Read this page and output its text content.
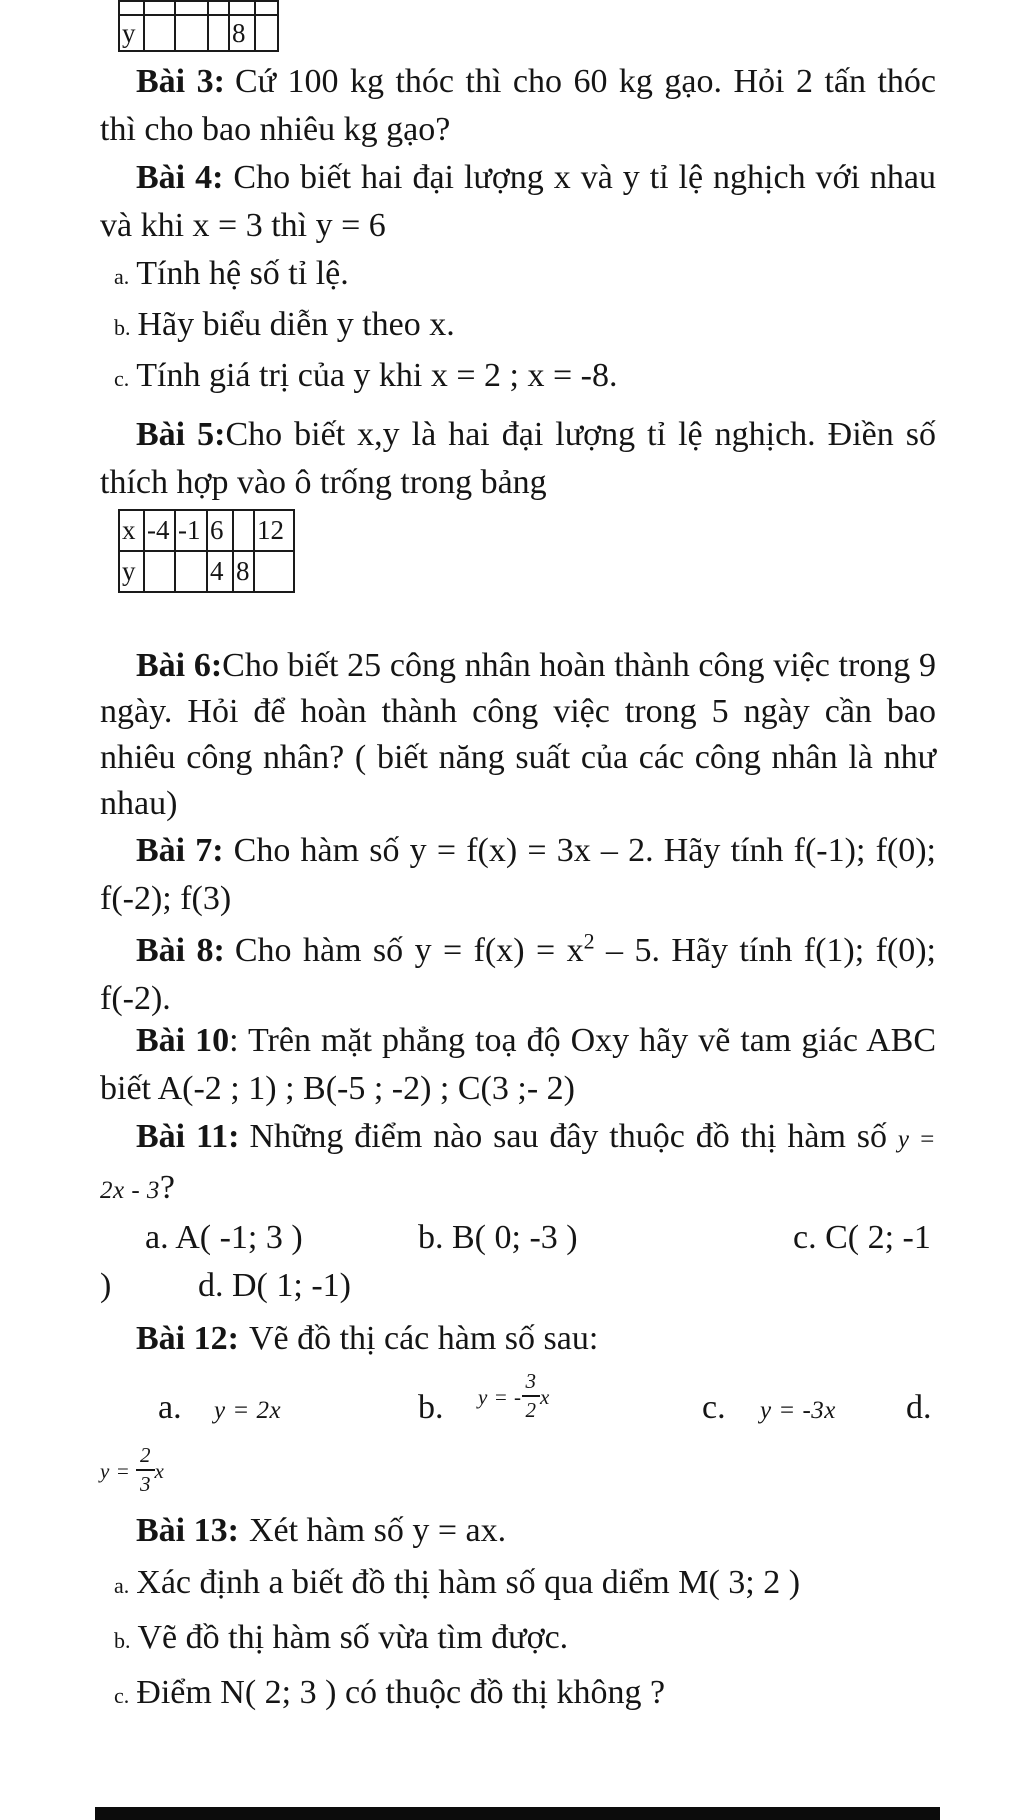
y				8	
Bài 3: Cứ 100 kg thóc thì cho 60 kg gạo. Hỏi 2 tấn thóc thì cho bao nhiêu kg gạo?
Bài 4: Cho biết hai đại lượng x và y tỉ lệ nghịch với nhau và khi x = 3 thì y = 6
a. Tính hệ số tỉ lệ.
b. Hãy biểu diễn y theo x.
c. Tính giá trị của y khi x = 2 ; x = -8.
Bài 5:Cho biết x,y là hai đại lượng tỉ lệ nghịch. Điền số thích hợp vào ô trống trong bảng
x	-4	-1	6		12
y			4	8	
Bài 6:Cho biết 25 công nhân hoàn thành công việc trong 9 ngày. Hỏi để hoàn thành công việc trong 5 ngày cần bao nhiêu công nhân? ( biết năng suất của các công nhân là như nhau)
Bài 7: Cho hàm số y = f(x) = 3x – 2. Hãy tính f(-1); f(0); f(-2); f(3)
Bài 8: Cho hàm số $y = f(x) = x^2 - 5$. Hãy tính f(1); f(0); f(-2).
Bài 10: Trên mặt phẳng toạ độ Oxy hãy vẽ tam giác ABC biết A(-2 ; 1) ; B(-5 ; -2) ; C(3 ;- 2)
Bài 11: Những điểm nào sau đây thuộc đồ thị hàm số y = 2x - 3?
a. A( -1; 3 )	b. B( 0; -3 )	c. C( 2; -1
)	d. D( 1; -1)
Bài 12: Vẽ đồ thị các hàm số sau:
a. y = 2x	b. y = - $\frac{3}{2}$ x	c. y = -3x d.
$y = \frac{2}{3}$ x
Bài 13: Xét hàm số y = ax.
a. Xác định a biết đồ thị hàm số qua diểm M( 3; 2 )
b. Vẽ đồ thị hàm số vừa tìm được.
c. Điểm N( 2; 3 ) có thuộc đồ thị không ?
